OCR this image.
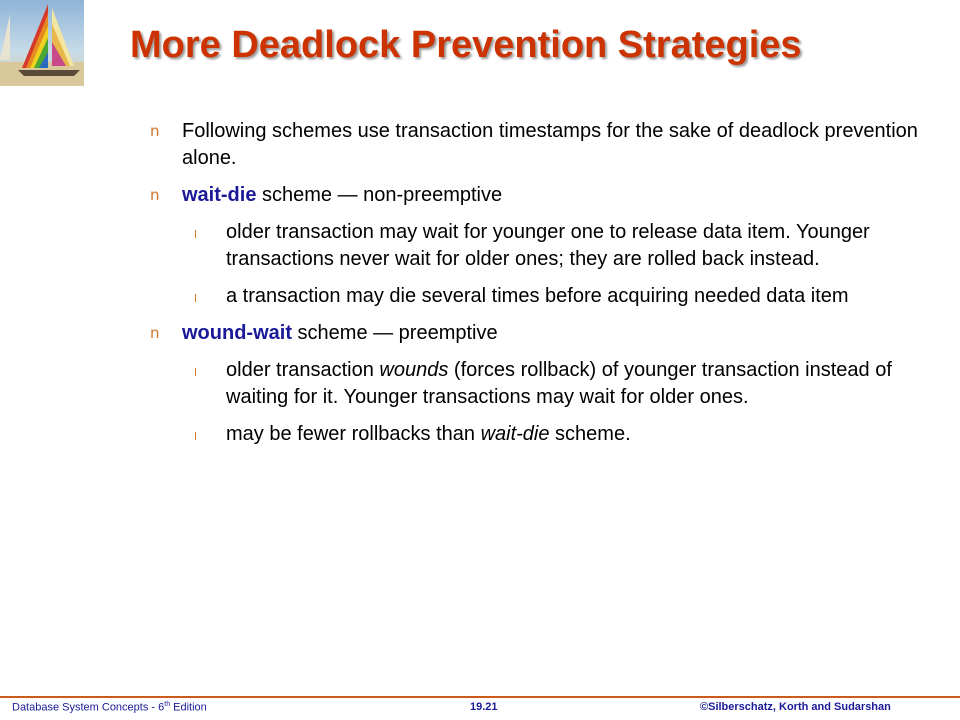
More Deadlock Prevention Strategies
n Following schemes use transaction timestamps for the sake of deadlock prevention alone.
n wait-die scheme — non-preemptive
l older transaction may wait for younger one to release data item. Younger transactions never wait for older ones; they are rolled back instead.
l a transaction may die several times before acquiring needed data item
n wound-wait scheme — preemptive
l older transaction wounds (forces rollback) of younger transaction instead of waiting for it. Younger transactions may wait for older ones.
l may be fewer rollbacks than wait-die scheme.
Database System Concepts - 6th Edition	19.21	©Silberschatz, Korth and Sudarshan
